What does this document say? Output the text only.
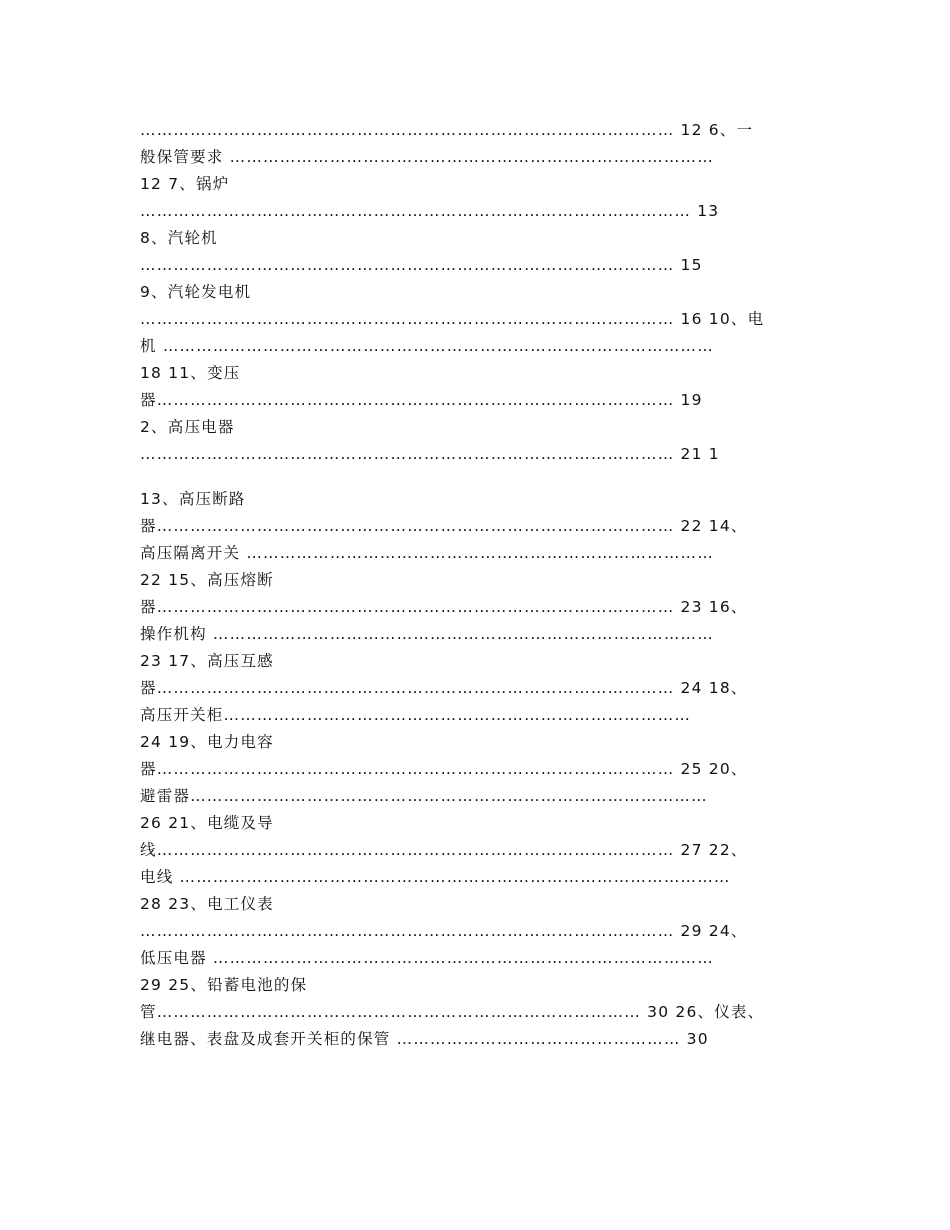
…………………………………………………………………………………… 12 6、一
般保管要求 ……………………………………………………………………………
12 7、锅炉
……………………………………………………………………………………… 13
8、汽轮机
…………………………………………………………………………………… 15
9、汽轮发电机
…………………………………………………………………………………… 16 10、电
机 ………………………………………………………………………………………
18 11、变压
器………………………………………………………………………………… 19
2、高压电器
…………………………………………………………………………………… 21 1
13、高压断路
器………………………………………………………………………………… 22 14、
高压隔离开关 …………………………………………………………………………
22 15、高压熔断
器………………………………………………………………………………… 23 16、
操作机构 ………………………………………………………………………………
23 17、高压互感
器………………………………………………………………………………… 24 18、
高压开关柜…………………………………………………………………………
24 19、电力电容
器………………………………………………………………………………… 25 20、
避雷器…………………………………………………………………………………
26 21、电缆及导
线………………………………………………………………………………… 27 22、
电线 ………………………………………………………………………………………
28 23、电工仪表
…………………………………………………………………………………… 29 24、
低压电器 ………………………………………………………………………………
29 25、铅蓄电池的保
管…………………………………………………………………………… 30 26、仪表、
继电器、表盘及成套开关柜的保管 …………………………………………… 30
